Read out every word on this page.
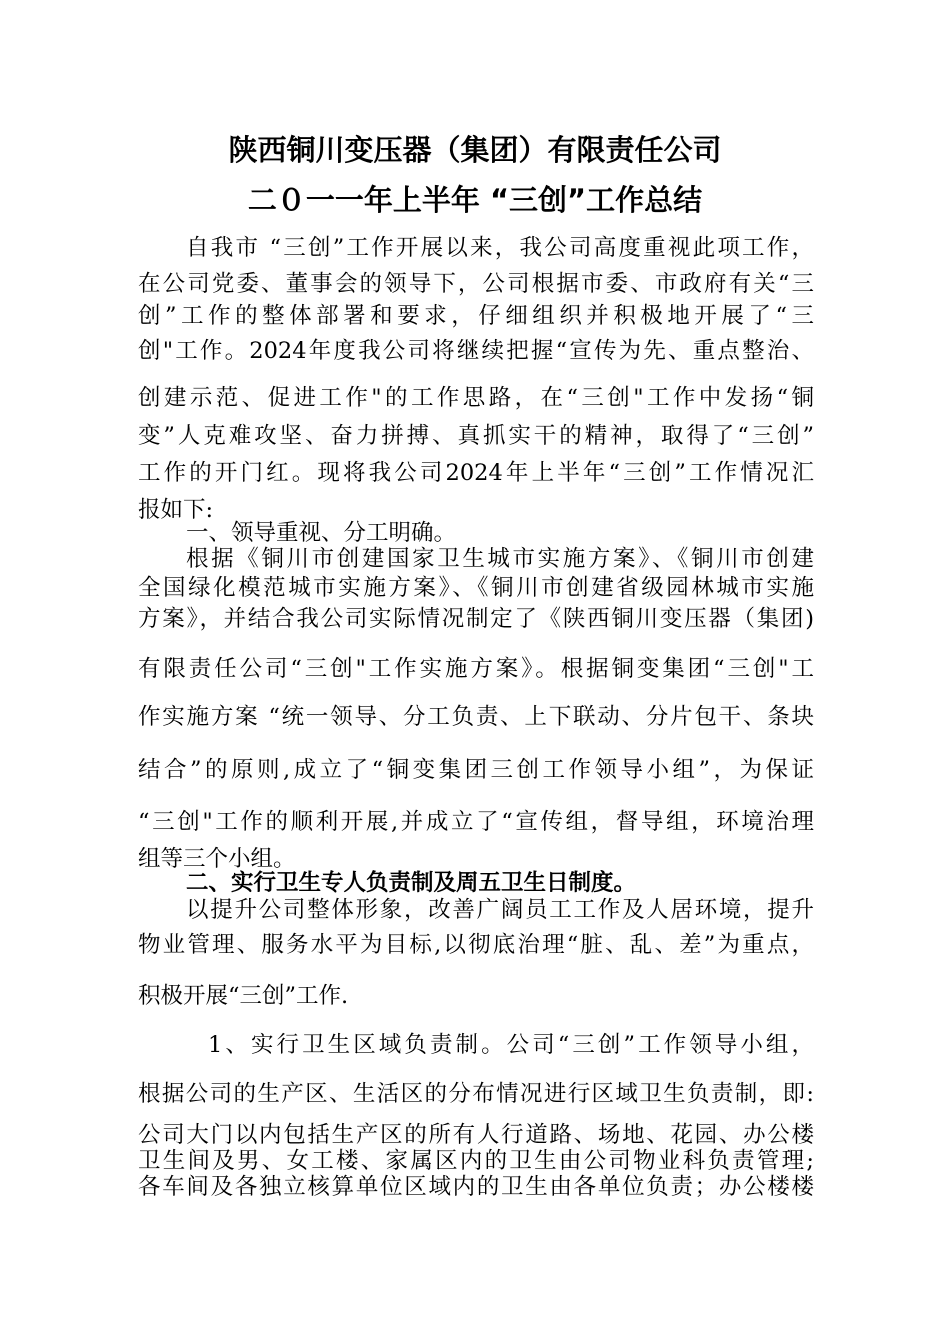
陕西铜川变压器（集团）有限责任公司
二０一一年上半年 “三创”工作总结
自我市 “三创”工作开展以来，我公司高度重视此项工作，
在公司党委、董事会的领导下，公司根据市委、市政府有关“三
创”工作的整体部署和要求，仔细组织并积极地开展了“三
创"工作。2024年度我公司将继续把握“宣传为先、重点整治、
创建示范、促进工作"的工作思路，在“三创"工作中发扬“铜
变”人克难攻坚、奋力拼搏、真抓实干的精神，取得了“三创”
工作的开门红。现将我公司2024年上半年“三创”工作情况汇
报如下:
一、领导重视、分工明确。
根据《铜川市创建国家卫生城市实施方案》、《铜川市创建
全国绿化模范城市实施方案》、《铜川市创建省级园林城市实施
方案》，并结合我公司实际情况制定了《陕西铜川变压器（集团)
有限责任公司“三创"工作实施方案》。根据铜变集团“三创"工
作实施方案 “统一领导、分工负责、上下联动、分片包干、条块
结合”的原则,成立了“铜变集团三创工作领导小组”，为保证
“三创"工作的顺利开展,并成立了“宣传组，督导组，环境治理
组等三个小组。
二、实行卫生专人负责制及周五卫生日制度。
以提升公司整体形象，改善广阔员工工作及人居环境，提升
物业管理、服务水平为目标,以彻底治理“脏、乱、差”为重点，
积极开展“三创”工作.
1、实行卫生区域负责制。公司“三创”工作领导小组，
根据公司的生产区、生活区的分布情况进行区域卫生负责制，即:
公司大门以内包括生产区的所有人行道路、场地、花园、办公楼
卫生间及男、女工楼、家属区内的卫生由公司物业科负责管理;
各车间及各独立核算单位区域内的卫生由各单位负责；办公楼楼
